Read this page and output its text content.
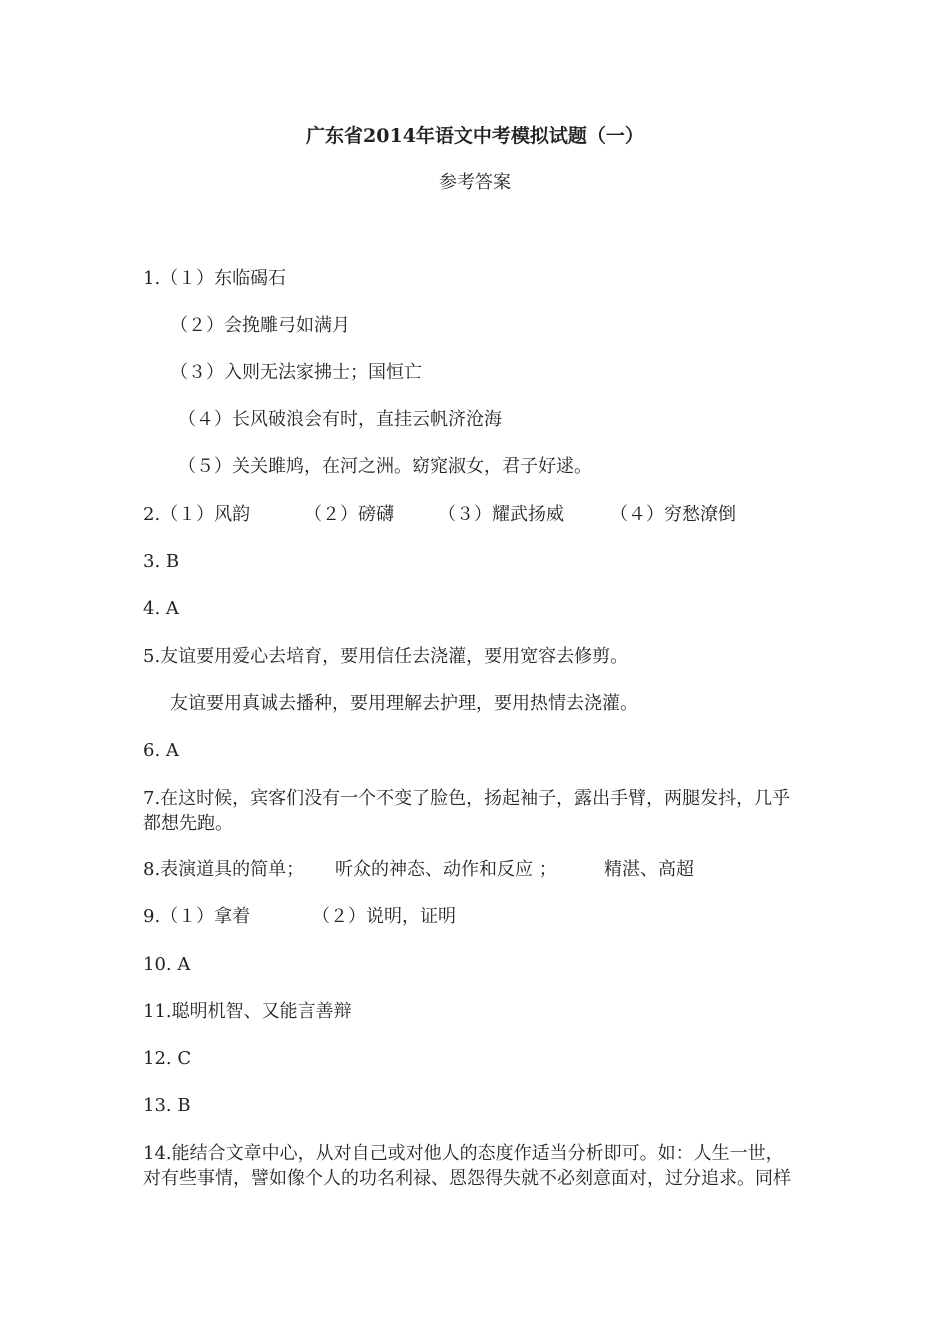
广东省2014年语文中考模拟试题（一）
参考答案
1.（１）东临碣石
（２）会挽雕弓如满月
（３）入则无法家拂士；国恒亡
（４）长风破浪会有时，直挂云帆济沧海
（５）关关雎鸠，在河之洲。窈窕淑女，君子好逑。
2.（１）风韵	（２）磅礴 （３）耀武扬威	（４）穷愁潦倒
3. B
4. A
5.友谊要用爱心去培育，要用信任去浇灌，要用宽容去修剪。
友谊要用真诚去播种，要用理解去护理，要用热情去浇灌。
6. A
7.在这时候，宾客们没有一个不变了脸色，扬起袖子，露出手臂，两腿发抖，几乎
都想先跑。
8.表演道具的简单； 听众的神态、动作和反应 ；	精湛、高超
9.（１）拿着	（２）说明，证明
10. A
11.聪明机智、又能言善辩
12. C
13. B
14.能结合文章中心，从对自己或对他人的态度作适当分析即可。如：人生一世，
对有些事情，譬如像个人的功名利禄、恩怨得失就不必刻意面对，过分追求。同样
